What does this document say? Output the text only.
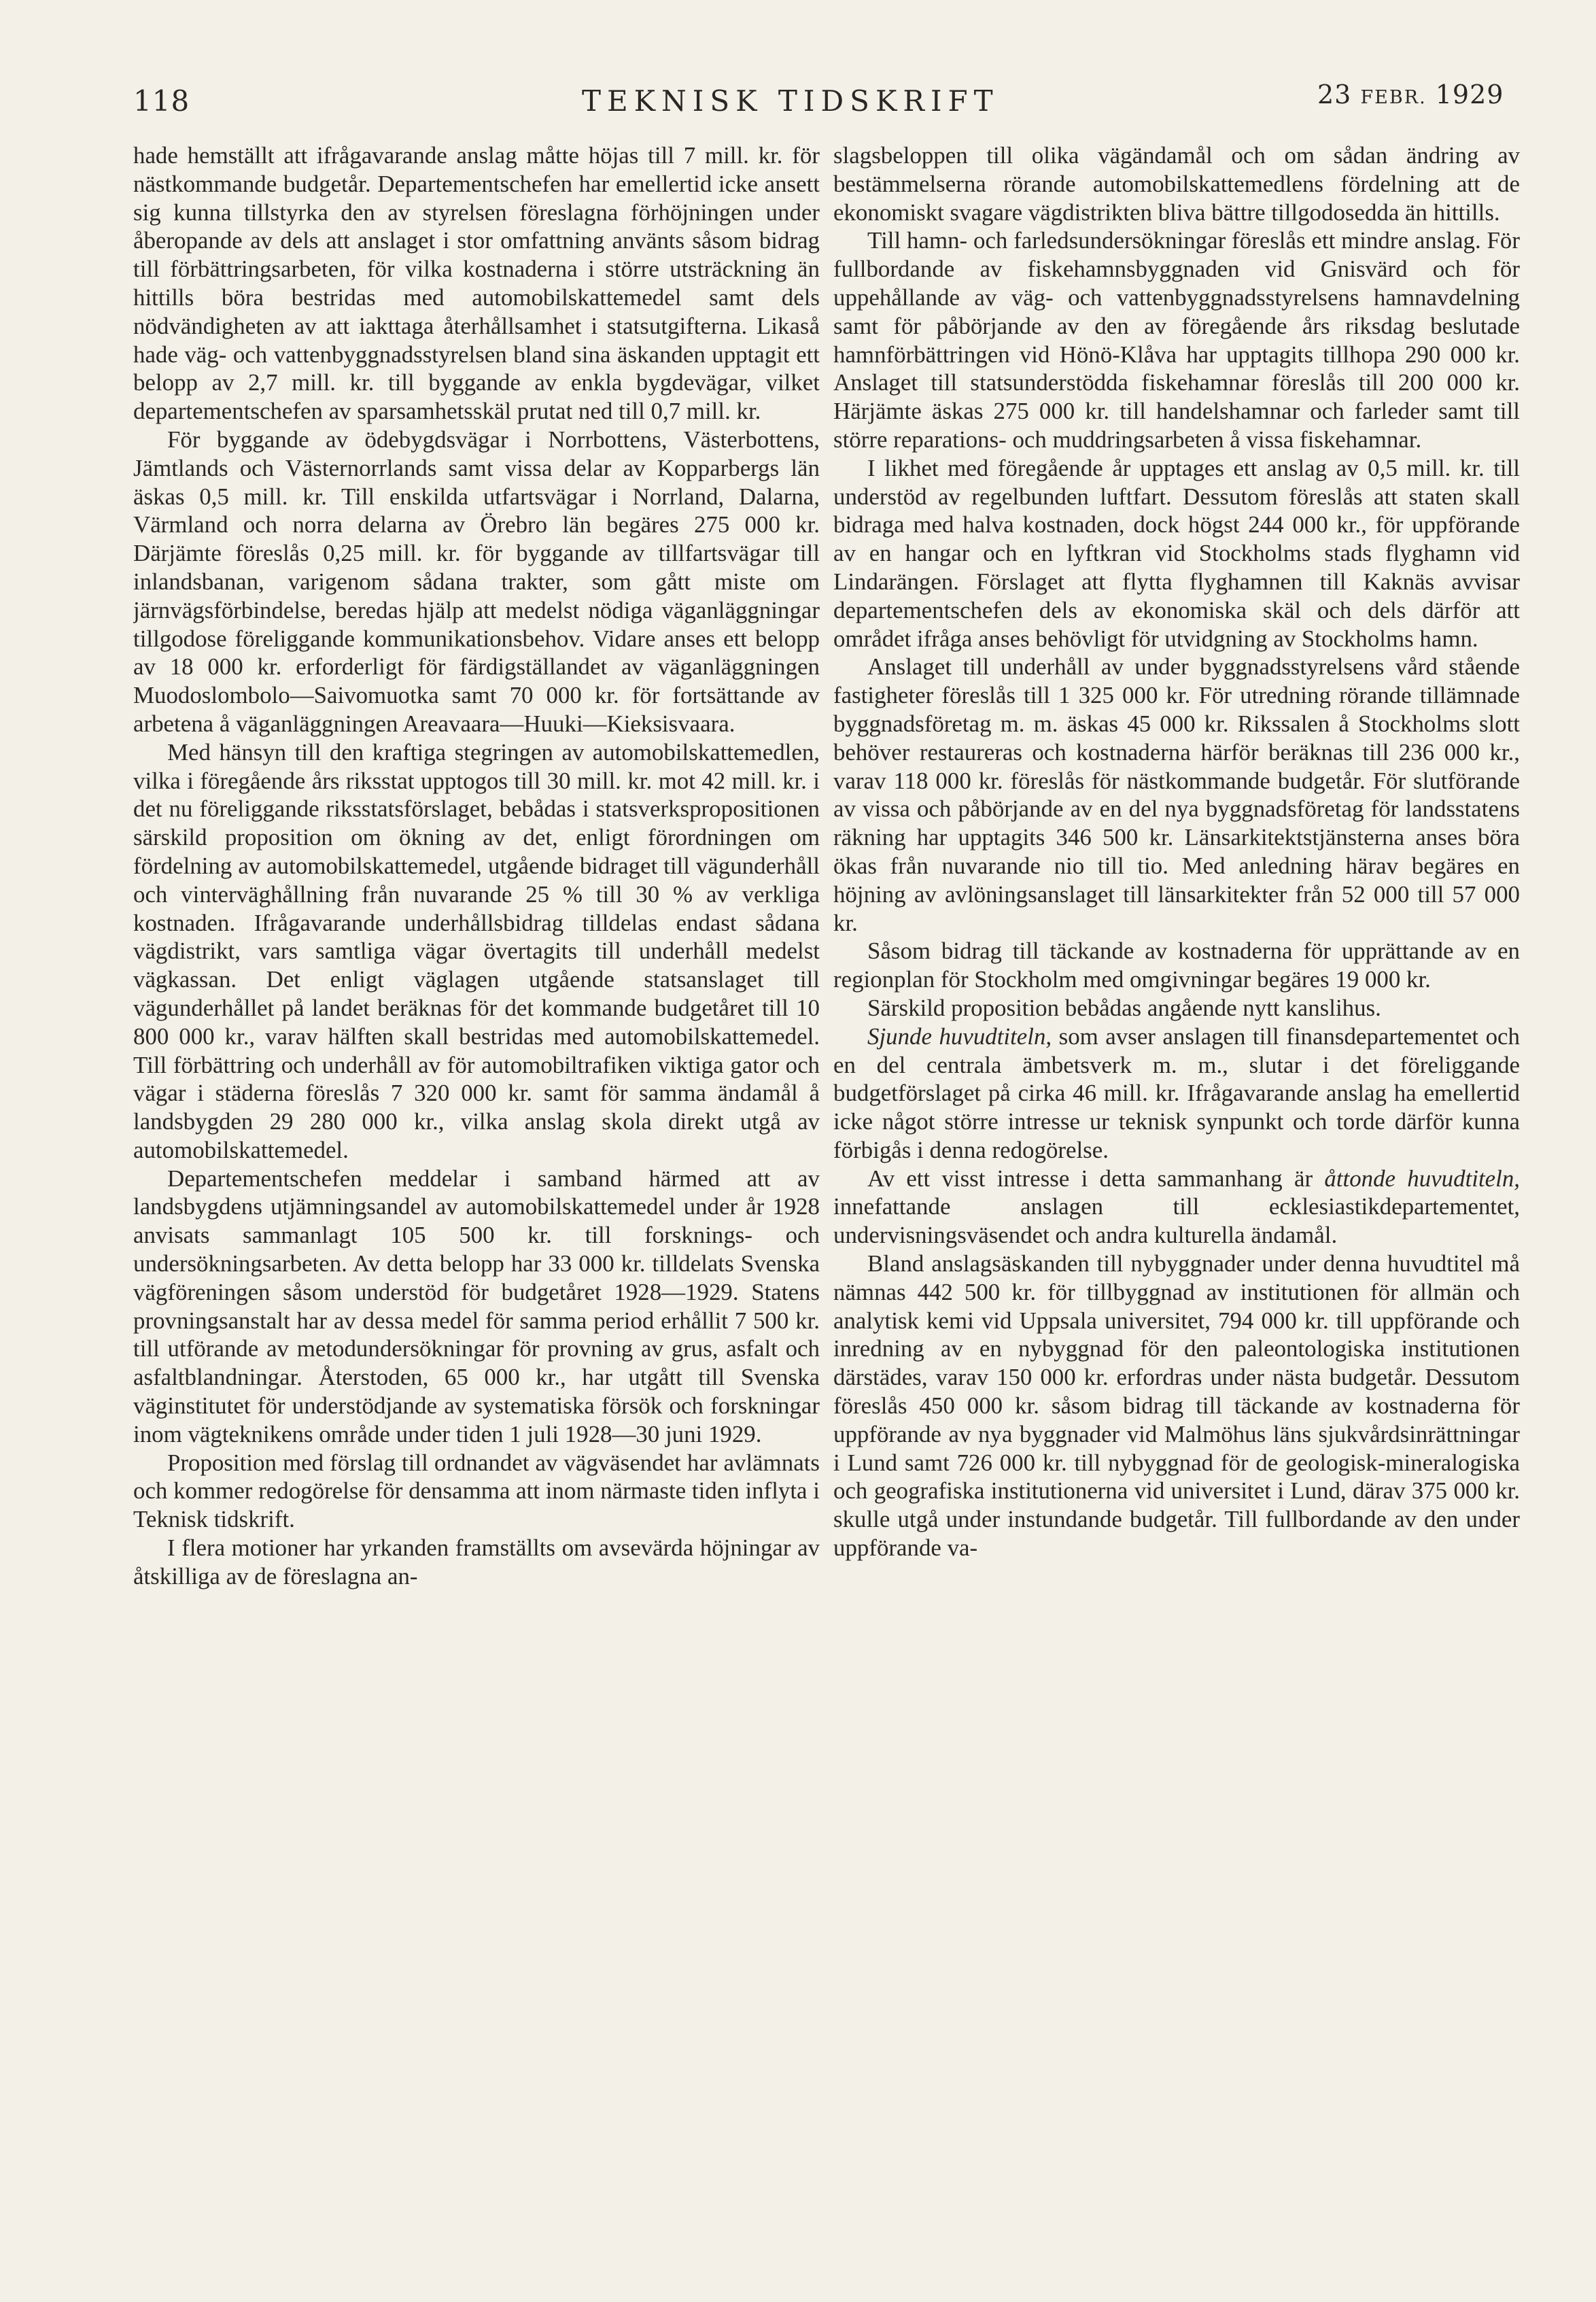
118	TEKNISK TIDSKRIFT	23 FEBR. 1929

hade hemställt att ifrågavarande anslag måtte höjas till 7 mill. kr. för nästkommande budgetår. Departementschefen har emellertid icke ansett sig kunna tillstyrka den av styrelsen föreslagna förhöjningen under åberopande av dels att anslaget i stor omfattning använts såsom bidrag till förbättringsarbeten, för vilka kostnaderna i större utsträckning än hittills böra bestridas med automobilskattemedel samt dels nödvändigheten av att iakttaga återhållsamhet i statsutgifterna. Likaså hade väg- och vattenbyggnadsstyrelsen bland sina äskanden upptagit ett belopp av 2,7 mill. kr. till byggande av enkla bygdevägar, vilket departementschefen av sparsamhetsskäl prutat ned till 0,7 mill. kr.

För byggande av ödebygdsvägar i Norrbottens, Västerbottens, Jämtlands och Västernorrlands samt vissa delar av Kopparbergs län äskas 0,5 mill. kr. Till enskilda utfartsvägar i Norrland, Dalarna, Värmland och norra delarna av Örebro län begäres 275 000 kr. Därjämte föreslås 0,25 mill. kr. för byggande av tillfartsvägar till inlandsbanan, varigenom sådana trakter, som gått miste om järnvägsförbindelse, beredas hjälp att medelst nödiga väganläggningar tillgodose föreliggande kommunikationsbehov. Vidare anses ett belopp av 18 000 kr. erforderligt för färdigställandet av väganläggningen Muodoslombolo—Saivomuotka samt 70 000 kr. för fortsättande av arbetena å väganläggningen Areavaara—Huuki—Kieksisvaara.

Med hänsyn till den kraftiga stegringen av automobilskattemedlen, vilka i föregående års riksstat upptogos till 30 mill. kr. mot 42 mill. kr. i det nu föreliggande riksstatsförslaget, bebådas i statsverkspropositionen särskild proposition om ökning av det, enligt förordningen om fördelning av automobilskattemedel, utgående bidraget till vägunderhåll och vinterväghållning från nuvarande 25 % till 30 % av verkliga kostnaden. Ifrågavarande underhållsbidrag tilldelas endast sådana vägdistrikt, vars samtliga vägar övertagits till underhåll medelst vägkassan. Det enligt väglagen utgående statsanslaget till vägunderhållet på landet beräknas för det kommande budgetåret till 10 800 000 kr., varav hälften skall bestridas med automobilskattemedel. Till förbättring och underhåll av för automobiltrafiken viktiga gator och vägar i städerna föreslås 7 320 000 kr. samt för samma ändamål å landsbygden 29 280 000 kr., vilka anslag skola direkt utgå av automobilskattemedel.

Departementschefen meddelar i samband härmed att av landsbygdens utjämningsandel av automobilskattemedel under år 1928 anvisats sammanlagt 105 500 kr. till forsknings- och undersökningsarbeten. Av detta belopp har 33 000 kr. tilldelats Svenska vägföreningen såsom understöd för budgetåret 1928—1929. Statens provningsanstalt har av dessa medel för samma period erhållit 7 500 kr. till utförande av metodundersökningar för provning av grus, asfalt och asfaltblandningar. Återstoden, 65 000 kr., har utgått till Svenska väginstitutet för understödjande av systematiska försök och forskningar inom vägteknikens område under tiden 1 juli 1928—30 juni 1929.

Proposition med förslag till ordnandet av vägväsendet har avlämnats och kommer redogörelse för densamma att inom närmaste tiden inflyta i Teknisk tidskrift.

I flera motioner har yrkanden framställts om avsevärda höjningar av åtskilliga av de föreslagna an-

slagsbeloppen till olika vägändamål och om sådan ändring av bestämmelserna rörande automobilskattemedlens fördelning att de ekonomiskt svagare vägdistrikten bliva bättre tillgodosedda än hittills.

Till hamn- och farledsundersökningar föreslås ett mindre anslag. För fullbordande av fiskehamnsbyggnaden vid Gnisvärd och för uppehållande av väg- och vattenbyggnadsstyrelsens hamnavdelning samt för påbörjande av den av föregående års riksdag beslutade hamnförbättringen vid Hönö-Klåva har upptagits tillhopa 290 000 kr. Anslaget till statsunderstödda fiskehamnar föreslås till 200 000 kr. Härjämte äskas 275 000 kr. till handelshamnar och farleder samt till större reparations- och muddringsarbeten å vissa fiskehamnar.

I likhet med föregående år upptages ett anslag av 0,5 mill. kr. till understöd av regelbunden luftfart. Dessutom föreslås att staten skall bidraga med halva kostnaden, dock högst 244 000 kr., för uppförande av en hangar och en lyftkran vid Stockholms stads flyghamn vid Lindarängen. Förslaget att flytta flyghamnen till Kaknäs avvisar departementschefen dels av ekonomiska skäl och dels därför att området ifråga anses behövligt för utvidgning av Stockholms hamn.

Anslaget till underhåll av under byggnadsstyrelsens vård stående fastigheter föreslås till 1 325 000 kr. För utredning rörande tillämnade byggnadsföretag m. m. äskas 45 000 kr. Rikssalen å Stockholms slott behöver restaureras och kostnaderna härför beräknas till 236 000 kr., varav 118 000 kr. föreslås för nästkommande budgetår. För slutförande av vissa och påbörjande av en del nya byggnadsföretag för landsstatens räkning har upptagits 346 500 kr. Länsarkitektstjänsterna anses böra ökas från nuvarande nio till tio. Med anledning härav begäres en höjning av avlöningsanslaget till länsarkitekter från 52 000 till 57 000 kr.

Såsom bidrag till täckande av kostnaderna för upprättande av en regionplan för Stockholm med omgivningar begäres 19 000 kr.

Särskild proposition bebådas angående nytt kanslihus.

Sjunde huvudtiteln, som avser anslagen till finansdepartementet och en del centrala ämbetsverk m. m., slutar i det föreliggande budgetförslaget på cirka 46 mill. kr. Ifrågavarande anslag ha emellertid icke något större intresse ur teknisk synpunkt och torde därför kunna förbigås i denna redogörelse.

Av ett visst intresse i detta sammanhang är åttonde huvudtiteln, innefattande anslagen till ecklesiastikdepartementet, undervisningsväsendet och andra kulturella ändamål.

Bland anslagsäskanden till nybyggnader under denna huvudtitel må nämnas 442 500 kr. för tillbyggnad av institutionen för allmän och analytisk kemi vid Uppsala universitet, 794 000 kr. till uppförande och inredning av en nybyggnad för den paleontologiska institutionen därstädes, varav 150 000 kr. erfordras under nästa budgetår. Dessutom föreslås 450 000 kr. såsom bidrag till täckande av kostnaderna för uppförande av nya byggnader vid Malmöhus läns sjukvårdsinrättningar i Lund samt 726 000 kr. till nybyggnad för de geologisk-mineralogiska och geografiska institutionerna vid universitet i Lund, därav 375 000 kr. skulle utgå under instundande budgetår. Till fullbordande av den under uppförande va-
